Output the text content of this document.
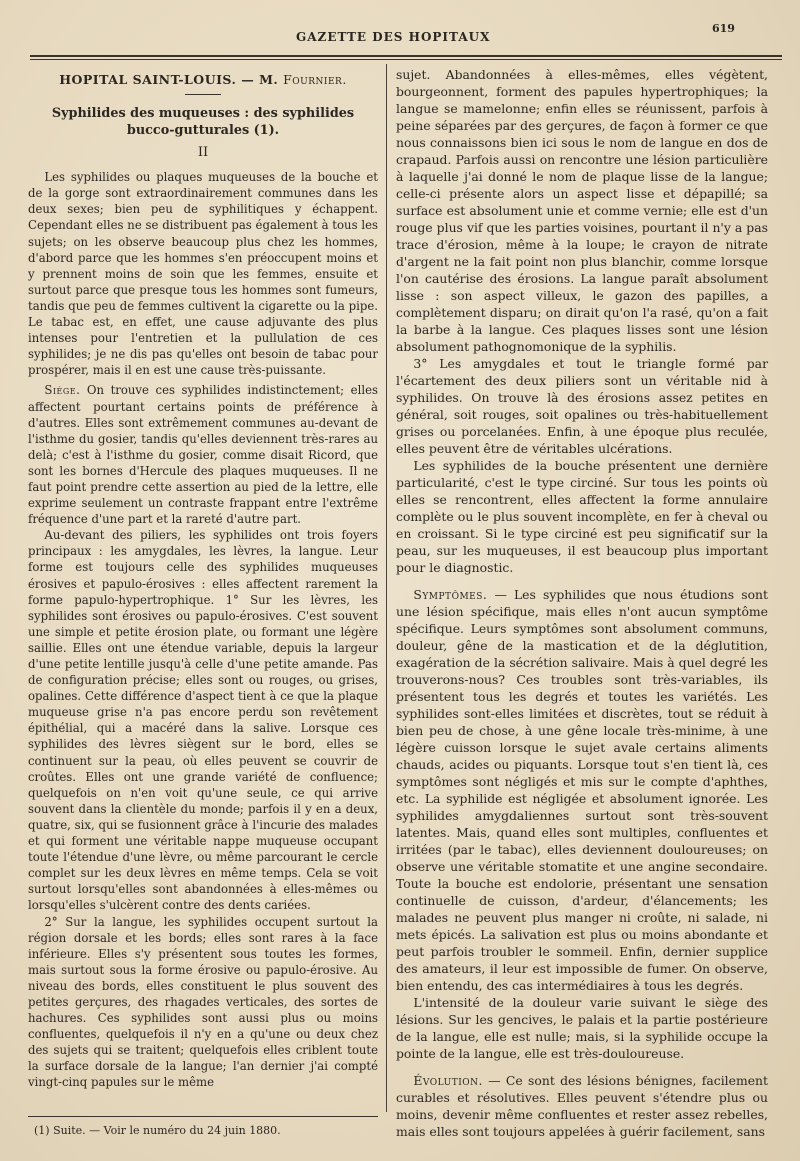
GAZETTE DES HOPITAUX
619
HOPITAL SAINT-LOUIS. — M. Fournier.
Syphilides des muqueuses : des syphilides bucco-gutturales (1).
II

Les syphilides ou plaques muqueuses de la bouche et de la gorge sont extraordinairement communes dans les deux sexes; bien peu de syphilitiques y échappent. Cependant elles ne se distribuent pas également à tous les sujets; on les observe beaucoup plus chez les hommes, d'abord parce que les hommes s'en préoccupent moins et y prennent moins de soin que les femmes, ensuite et surtout parce que presque tous les hommes sont fumeurs, tandis que peu de femmes cultivent la cigarette ou la pipe. Le tabac est, en effet, une cause adjuvante des plus intenses pour l'entretien et la pullulation de ces syphilides; je ne dis pas qu'elles ont besoin de tabac pour prospérer, mais il en est une cause très-puissante.

Siége. On trouve ces syphilides indistinctement; elles affectent pourtant certains points de préférence à d'autres. Elles sont extrêmement communes au-devant de l'isthme du gosier, tandis qu'elles deviennent très-rares au delà; c'est à l'isthme du gosier, comme disait Ricord, que sont les bornes d'Hercule des plaques muqueuses. Il ne faut point prendre cette assertion au pied de la lettre, elle exprime seulement un contraste frappant entre l'extrême fréquence d'une part et la rareté d'autre part.

Au-devant des piliers, les syphilides ont trois foyers principaux : les amygdales, les lèvres, la langue. Leur forme est toujours celle des syphilides muqueuses érosives et papulo-érosives : elles affectent rarement la forme papulo-hypertrophique. 1° Sur les lèvres, les syphilides sont érosives ou papulo-érosives. C'est souvent une simple et petite érosion plate, ou formant une légère saillie. Elles ont une étendue variable, depuis la largeur d'une petite lentille jusqu'à celle d'une petite amande. Pas de configuration précise; elles sont ou rouges, ou grises, opalines. Cette différence d'aspect tient à ce que la plaque muqueuse grise n'a pas encore perdu son revêtement épithélial, qui a macéré dans la salive. Lorsque ces syphilides des lèvres siègent sur le bord, elles se continuent sur la peau, où elles peuvent se couvrir de croûtes. Elles ont une grande variété de confluence; quelquefois on n'en voit qu'une seule, ce qui arrive souvent dans la clientèle du monde; parfois il y en a deux, quatre, six, qui se fusionnent grâce à l'incurie des malades et qui forment une véritable nappe muqueuse occupant toute l'étendue d'une lèvre, ou même parcourant le cercle complet sur les deux lèvres en même temps. Cela se voit surtout lorsqu'elles sont abandonnées à elles-mêmes ou lorsqu'elles s'ulcèrent contre des dents cariées.

2° Sur la langue, les syphilides occupent surtout la région dorsale et les bords; elles sont rares à la face inférieure. Elles s'y présentent sous toutes les formes, mais surtout sous la forme érosive ou papulo-érosive. Au niveau des bords, elles constituent le plus souvent des petites gerçures, des rhagades verticales, des sortes de hachures. Ces syphilides sont aussi plus ou moins confluentes, quelquefois il n'y en a qu'une ou deux chez des sujets qui se traitent; quelquefois elles criblent toute la surface dorsale de la langue; l'an dernier j'ai compté vingt-cinq papules sur le même

sujet. Abandonnées à elles-mêmes, elles végètent, bourgeonnent, forment des papules hypertrophiques; la langue se mamelonne; enfin elles se réunissent, parfois à peine séparées par des gerçures, de façon à former ce que nous connaissons bien ici sous le nom de langue en dos de crapaud. Parfois aussi on rencontre une lésion particulière à laquelle j'ai donné le nom de plaque lisse de la langue; celle-ci présente alors un aspect lisse et dépapillé; sa surface est absolument unie et comme vernie; elle est d'un rouge plus vif que les parties voisines, pourtant il n'y a pas trace d'érosion, même à la loupe; le crayon de nitrate d'argent ne la fait point non plus blanchir, comme lorsque l'on cautérise des érosions. La langue paraît absolument lisse : son aspect villeux, le gazon des papilles, a complètement disparu; on dirait qu'on l'a rasé, qu'on a fait la barbe à la langue. Ces plaques lisses sont une lésion absolument pathognomonique de la syphilis.

3° Les amygdales et tout le triangle formé par l'écartement des deux piliers sont un véritable nid à syphilides. On trouve là des érosions assez petites en général, soit rouges, soit opalines ou très-habituellement grises ou porcelanées. Enfin, à une époque plus reculée, elles peuvent être de véritables ulcérations.

Les syphilides de la bouche présentent une dernière particularité, c'est le type circiné. Sur tous les points où elles se rencontrent, elles affectent la forme annulaire complète ou le plus souvent incomplète, en fer à cheval ou en croissant. Si le type circiné est peu significatif sur la peau, sur les muqueuses, il est beaucoup plus important pour le diagnostic.

Symptômes. — Les syphilides que nous étudions sont une lésion spécifique, mais elles n'ont aucun symptôme spécifique. Leurs symptômes sont absolument communs, douleur, gêne de la mastication et de la déglutition, exagération de la sécrétion salivaire. Mais à quel degré les trouverons-nous? Ces troubles sont très-variables, ils présentent tous les degrés et toutes les variétés. Les syphilides sont-elles limitées et discrètes, tout se réduit à bien peu de chose, à une gêne locale très-minime, à une légère cuisson lorsque le sujet avale certains aliments chauds, acides ou piquants. Lorsque tout s'en tient là, ces symptômes sont négligés et mis sur le compte d'aphthes, etc. La syphilide est négligée et absolument ignorée. Les syphilides amygdaliennes surtout sont très-souvent latentes. Mais, quand elles sont multiples, confluentes et irritées (par le tabac), elles deviennent douloureuses; on observe une véritable stomatite et une angine secondaire. Toute la bouche est endolorie, présentant une sensation continuelle de cuisson, d'ardeur, d'élancements; les malades ne peuvent plus manger ni croûte, ni salade, ni mets épicés. La salivation est plus ou moins abondante et peut parfois troubler le sommeil. Enfin, dernier supplice des amateurs, il leur est impossible de fumer. On observe, bien entendu, des cas intermédiaires à tous les degrés.

L'intensité de la douleur varie suivant le siège des lésions. Sur les gencives, le palais et la partie postérieure de la langue, elle est nulle; mais, si la syphilide occupe la pointe de la langue, elle est très-douloureuse.

Évolution. — Ce sont des lésions bénignes, facilement curables et résolutives. Elles peuvent s'étendre plus ou moins, devenir même confluentes et rester assez rebelles, mais elles sont toujours appelées à guérir facilement, sans

(1) Suite. — Voir le numéro du 24 juin 1880.
